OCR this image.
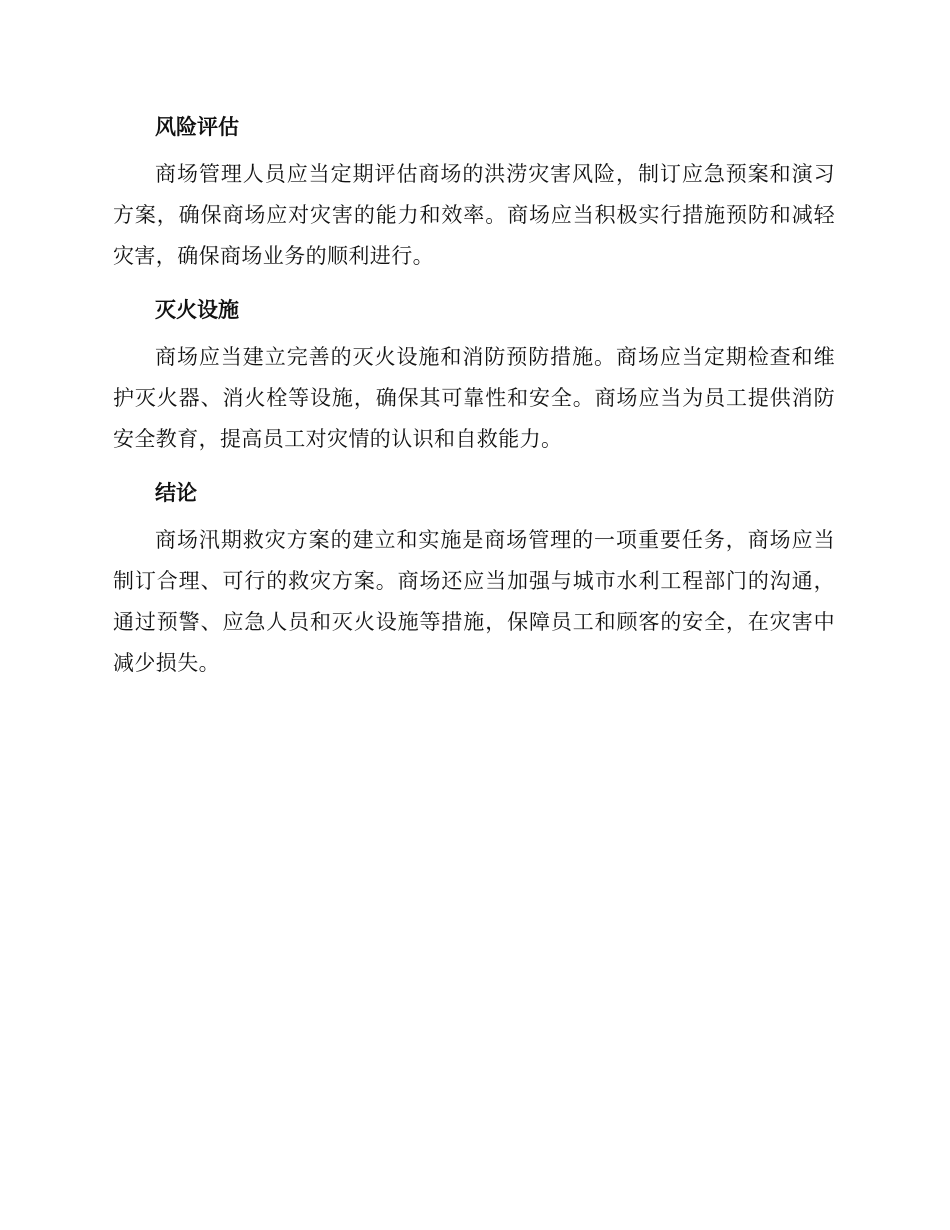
风险评估

商场管理人员应当定期评估商场的洪涝灾害风险，制订应急预案和演习方案，确保商场应对灾害的能力和效率。商场应当积极实行措施预防和减轻灾害，确保商场业务的顺利进行。

灭火设施

商场应当建立完善的灭火设施和消防预防措施。商场应当定期检查和维护灭火器、消火栓等设施，确保其可靠性和安全。商场应当为员工提供消防安全教育，提高员工对灾情的认识和自救能力。

结论

商场汛期救灾方案的建立和实施是商场管理的一项重要任务，商场应当制订合理、可行的救灾方案。商场还应当加强与城市水利工程部门的沟通，通过预警、应急人员和灭火设施等措施，保障员工和顾客的安全，在灾害中减少损失。
